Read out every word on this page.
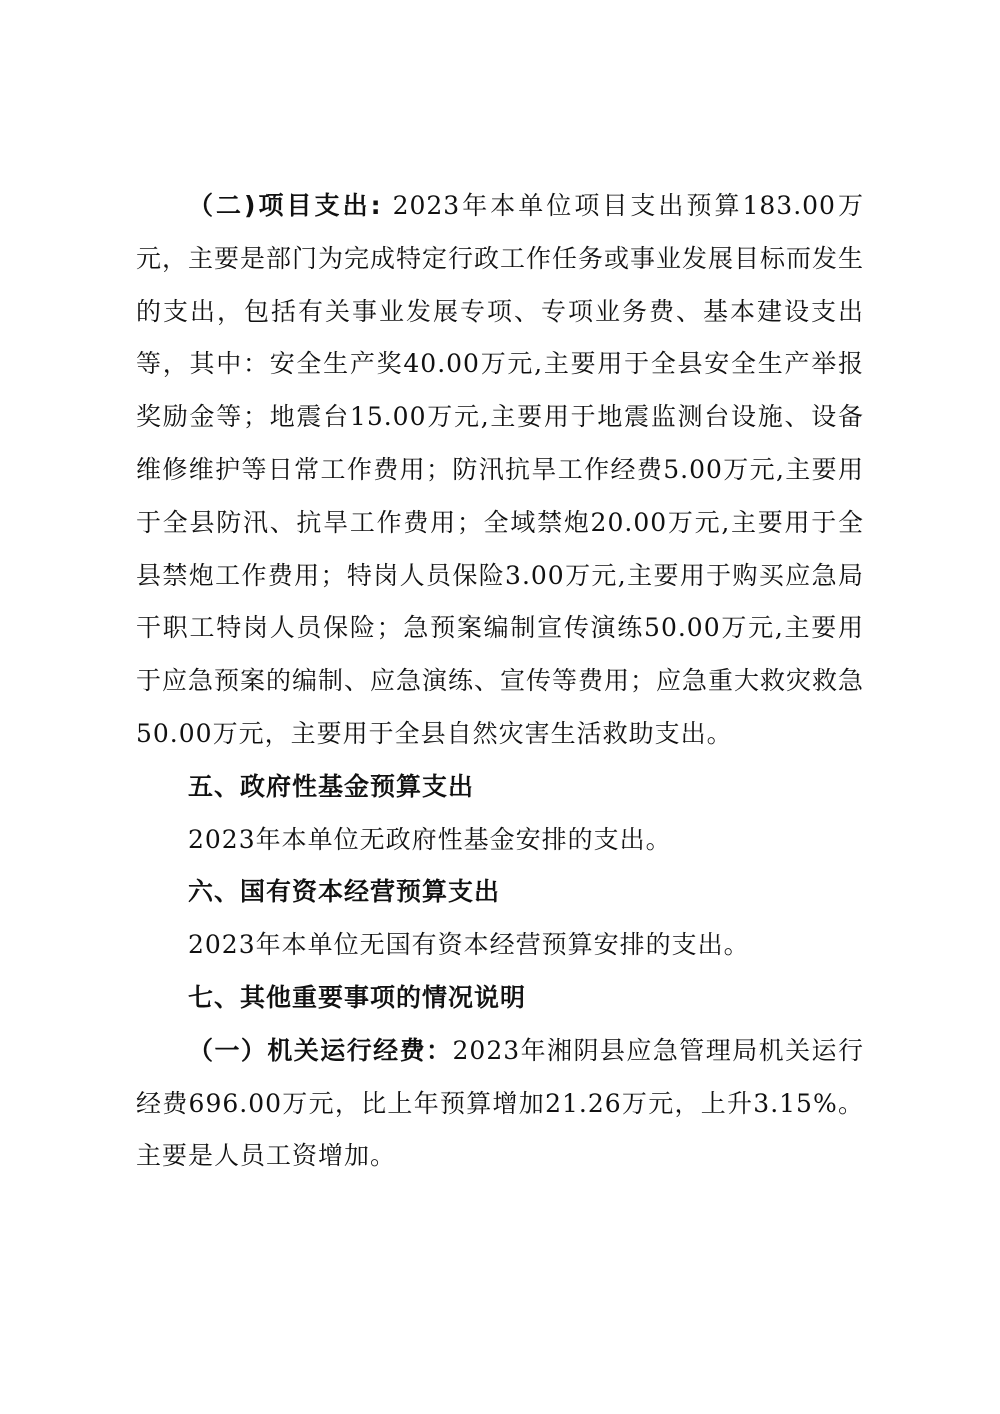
（二)项目支出: 2023年本单位项目支出预算183.00万元，主要是部门为完成特定行政工作任务或事业发展目标而发生的支出，包括有关事业发展专项、专项业务费、基本建设支出等，其中：安全生产奖40.00万元,主要用于全县安全生产举报奖励金等；地震台15.00万元,主要用于地震监测台设施、设备维修维护等日常工作费用；防汛抗旱工作经费5.00万元,主要用于全县防汛、抗旱工作费用；全域禁炮20.00万元,主要用于全县禁炮工作费用；特岗人员保险3.00万元,主要用于购买应急局干职工特岗人员保险；急预案编制宣传演练50.00万元,主要用于应急预案的编制、应急演练、宣传等费用；应急重大救灾救急50.00万元，主要用于全县自然灾害生活救助支出。

五、政府性基金预算支出

2023年本单位无政府性基金安排的支出。

六、国有资本经营预算支出

2023年本单位无国有资本经营预算安排的支出。

七、其他重要事项的情况说明

（一）机关运行经费：2023年湘阴县应急管理局机关运行经费696.00万元，比上年预算增加21.26万元，上升3.15%。主要是人员工资增加。
